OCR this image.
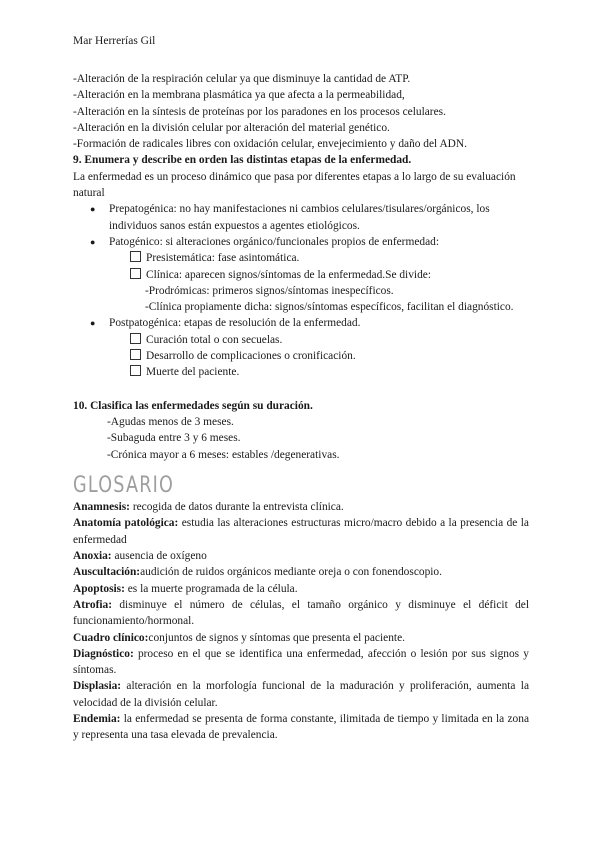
Mar Herrerías Gil
-Alteración de la respiración celular ya que disminuye la cantidad de ATP.
-Alteración en la membrana plasmática ya que afecta a la permeabilidad,
-Alteración en la síntesis de proteínas por los paradones en los procesos celulares.
-Alteración en la división celular por alteración del material genético.
-Formación de radicales libres con oxidación celular, envejecimiento y daño del ADN.
9. Enumera y describe en orden las distintas etapas de la enfermedad.
La enfermedad es un proceso dinámico que pasa por diferentes etapas a lo largo de su evaluación natural
●	Prepatogénica: no hay manifestaciones ni cambios celulares/tisulares/orgánicos, los individuos sanos están expuestos a agentes etiológicos.
●	Patogénico: si alteraciones orgánico/funcionales propios de enfermedad:
Presistemática: fase asintomática.
Clínica: aparecen signos/síntomas de la enfermedad.Se divide:
-Prodrómicas: primeros signos/síntomas inespecíficos.
-Clínica propiamente dicha: signos/síntomas específicos, facilitan el diagnóstico.
●	Postpatogénica: etapas de resolución de la enfermedad.
Curación total o con secuelas.
Desarrollo de complicaciones o cronificación.
Muerte del paciente.
10. Clasifica las enfermedades según su duración.
-Agudas menos de 3 meses.
-Subaguda entre 3 y 6 meses.
-Crónica mayor a 6 meses: estables /degenerativas.
GLOSARIO
Anamnesis: recogida de datos durante la entrevista clínica.
Anatomía patológica: estudia las alteraciones estructuras micro/macro debido a la presencia de la enfermedad
Anoxia: ausencia de oxígeno
Auscultación:audición de ruidos orgánicos mediante oreja o con fonendoscopio.
Apoptosis: es la muerte programada de la célula.
Atrofia: disminuye el número de células, el tamaño orgánico y disminuye el déficit del funcionamiento/hormonal.
Cuadro clínico:conjuntos de signos y síntomas que presenta el paciente.
Diagnóstico: proceso en el que se identifica una enfermedad, afección o lesión por sus signos y síntomas.
Displasia: alteración en la morfología funcional de la maduración y proliferación, aumenta la velocidad de la división celular.
Endemia: la enfermedad se presenta de forma constante, ilimitada de tiempo y limitada en la zona y representa una tasa elevada de prevalencia.
